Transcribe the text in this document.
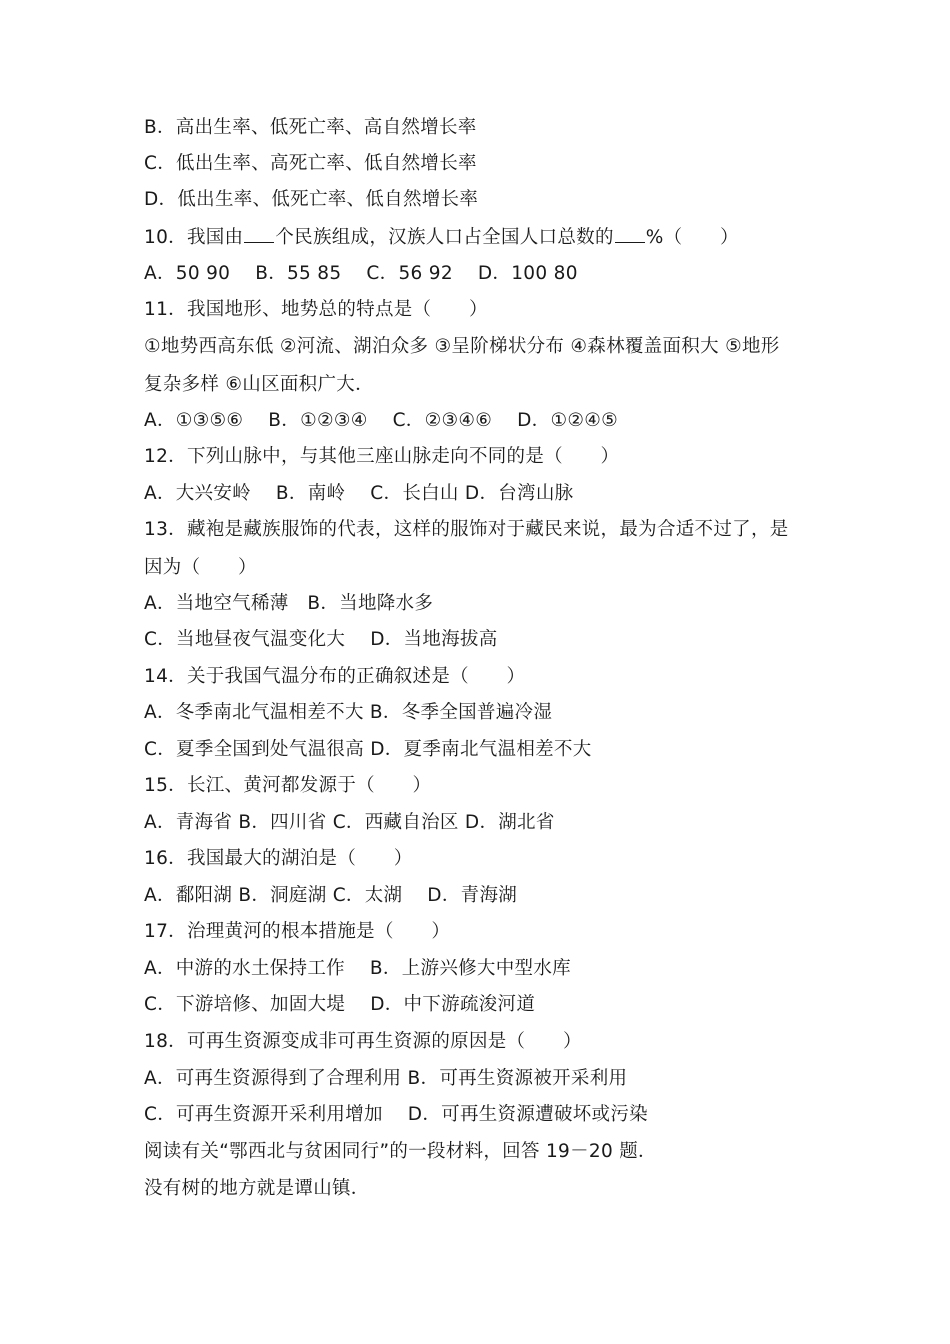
B．高出生率、低死亡率、高自然增长率
C．低出生率、高死亡率、低自然增长率
D．低出生率、低死亡率、低自然增长率
10．我国由 个民族组成，汉族人口占全国人口总数的 %（　　）
A．50 90　 B．55 85　 C．56 92　 D．100 80
11．我国地形、地势总的特点是（　　）
①地势西高东低 ②河流、湖泊众多 ③呈阶梯状分布 ④森林覆盖面积大 ⑤地形
复杂多样 ⑥山区面积广大．
A．①③⑤⑥　 B．①②③④　 C．②③④⑥　 D．①②④⑤
12．下列山脉中，与其他三座山脉走向不同的是（　　）
A．大兴安岭　 B．南岭　 C．长白山 D．台湾山脉
13．藏袍是藏族服饰的代表，这样的服饰对于藏民来说，最为合适不过了，是
因为（　　）
A．当地空气稀薄　B．当地降水多
C．当地昼夜气温变化大　 D．当地海拔高
14．关于我国气温分布的正确叙述是（　　）
A．冬季南北气温相差不大 B．冬季全国普遍冷湿
C．夏季全国到处气温很高 D．夏季南北气温相差不大
15．长江、黄河都发源于（　　）
A．青海省 B．四川省 C．西藏自治区 D．湖北省
16．我国最大的湖泊是（　　）
A．鄱阳湖 B．洞庭湖 C．太湖　 D．青海湖
17．治理黄河的根本措施是（　　）
A．中游的水土保持工作　 B．上游兴修大中型水库
C．下游培修、加固大堤　 D．中下游疏浚河道
18．可再生资源变成非可再生资源的原因是（　　）
A．可再生资源得到了合理利用 B．可再生资源被开采利用
C．可再生资源开采利用增加　 D．可再生资源遭破坏或污染
阅读有关“鄂西北与贫困同行”的一段材料，回答 19－20 题．
没有树的地方就是谭山镇．
